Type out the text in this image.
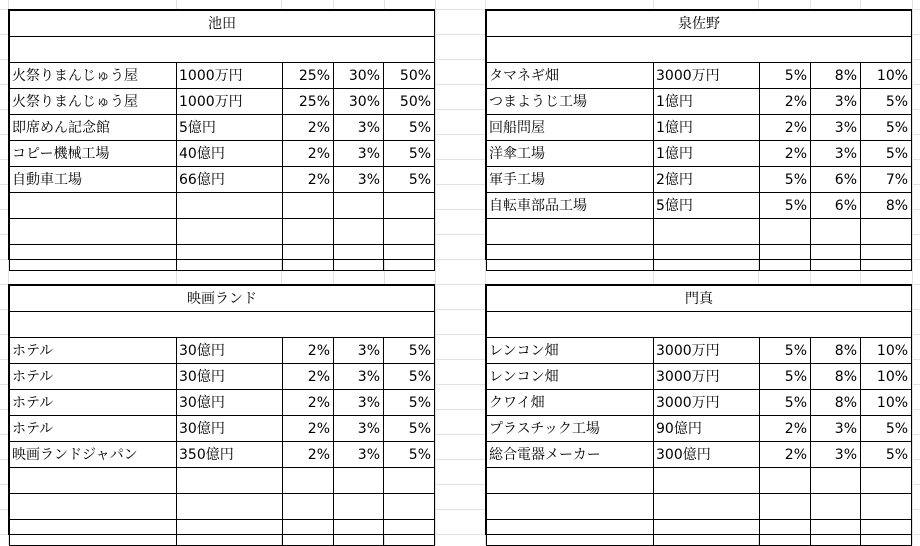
池田				

火祭りまんじゅう屋	1000万円	25%	30%	50%
火祭りまんじゅう屋	1000万円	25%	30%	50%
即席めん記念館	5億円	2%	3%	5%
コピー機械工場	40億円	2%	3%	5%
自動車工場	66億円	2%	3%	5%

泉佐野				

タマネギ畑	3000万円	5%	8%	10%
つまようじ工場	1億円	2%	3%	5%
回船問屋	1億円	2%	3%	5%
洋傘工場	1億円	2%	3%	5%
軍手工場	2億円	5%	6%	7%
自転車部品工場	5億円	5%	6%	8%

映画ランド				

ホテル	30億円	2%	3%	5%
ホテル	30億円	2%	3%	5%
ホテル	30億円	2%	3%	5%
ホテル	30億円	2%	3%	5%
映画ランドジャパン	350億円	2%	3%	5%

門真				

レンコン畑	3000万円	5%	8%	10%
レンコン畑	3000万円	5%	8%	10%
クワイ畑	3000万円	5%	8%	10%
プラスチック工場	90億円	2%	3%	5%
総合電器メーカー	300億円	2%	3%	5%
